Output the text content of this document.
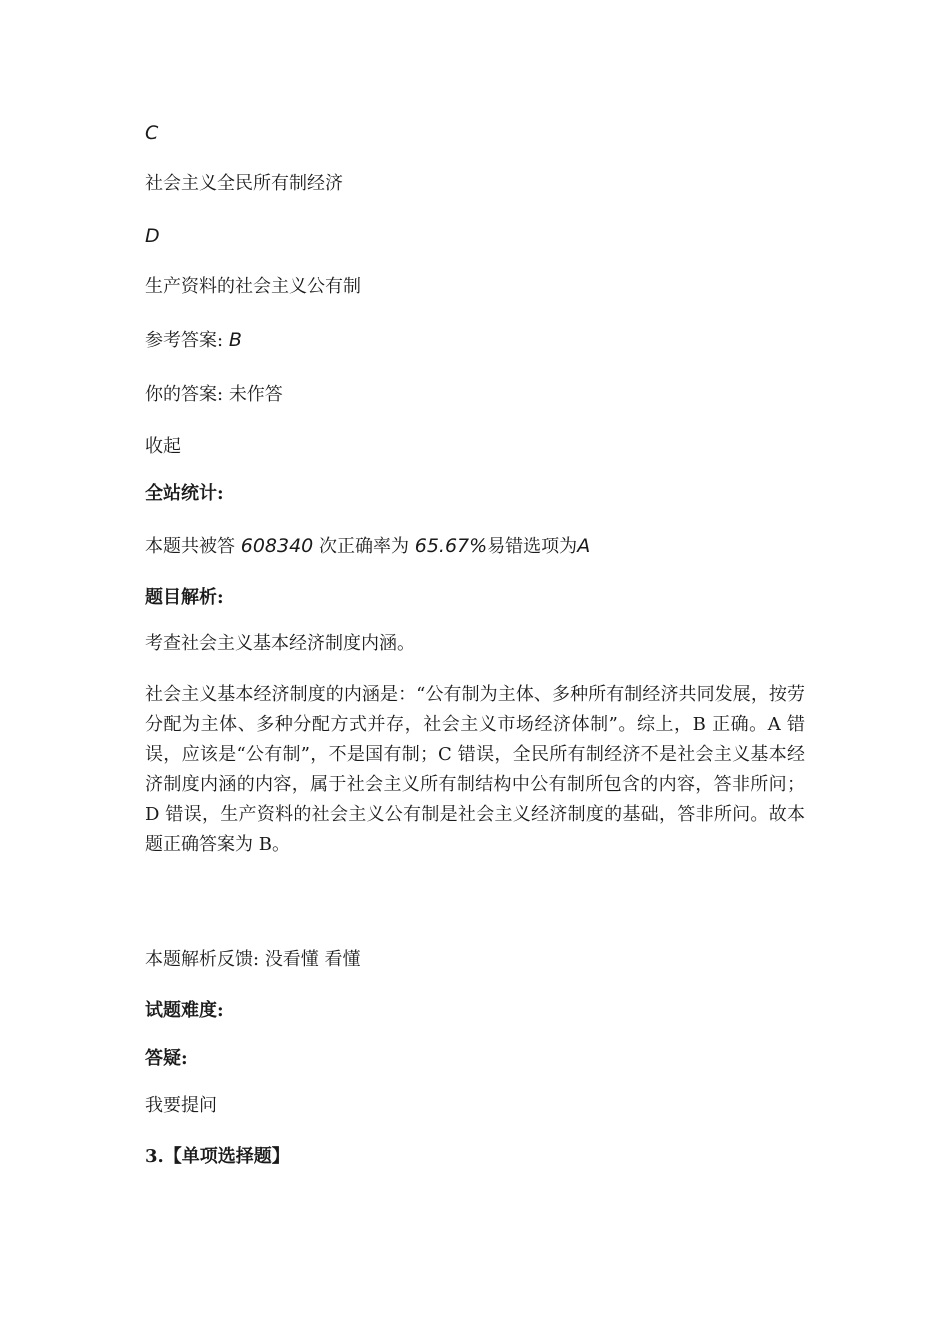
C
社会主义全民所有制经济
D
生产资料的社会主义公有制
参考答案: B
你的答案: 未作答
收起
全站统计:
本题共被答 608340 次正确率为 65.67%易错选项为A
题目解析:
考查社会主义基本经济制度内涵。
社会主义基本经济制度的内涵是：“公有制为主体、多种所有制经济共同发展，按劳分配为主体、多种分配方式并存，社会主义市场经济体制”。综上，B 正确。A 错误，应该是“公有制”，不是国有制；C 错误，全民所有制经济不是社会主义基本经济制度内涵的内容，属于社会主义所有制结构中公有制所包含的内容，答非所问；D 错误，生产资料的社会主义公有制是社会主义经济制度的基础，答非所问。故本题正确答案为 B。
本题解析反馈: 没看懂 看懂
试题难度:
答疑:
我要提问
3.【单项选择题】
